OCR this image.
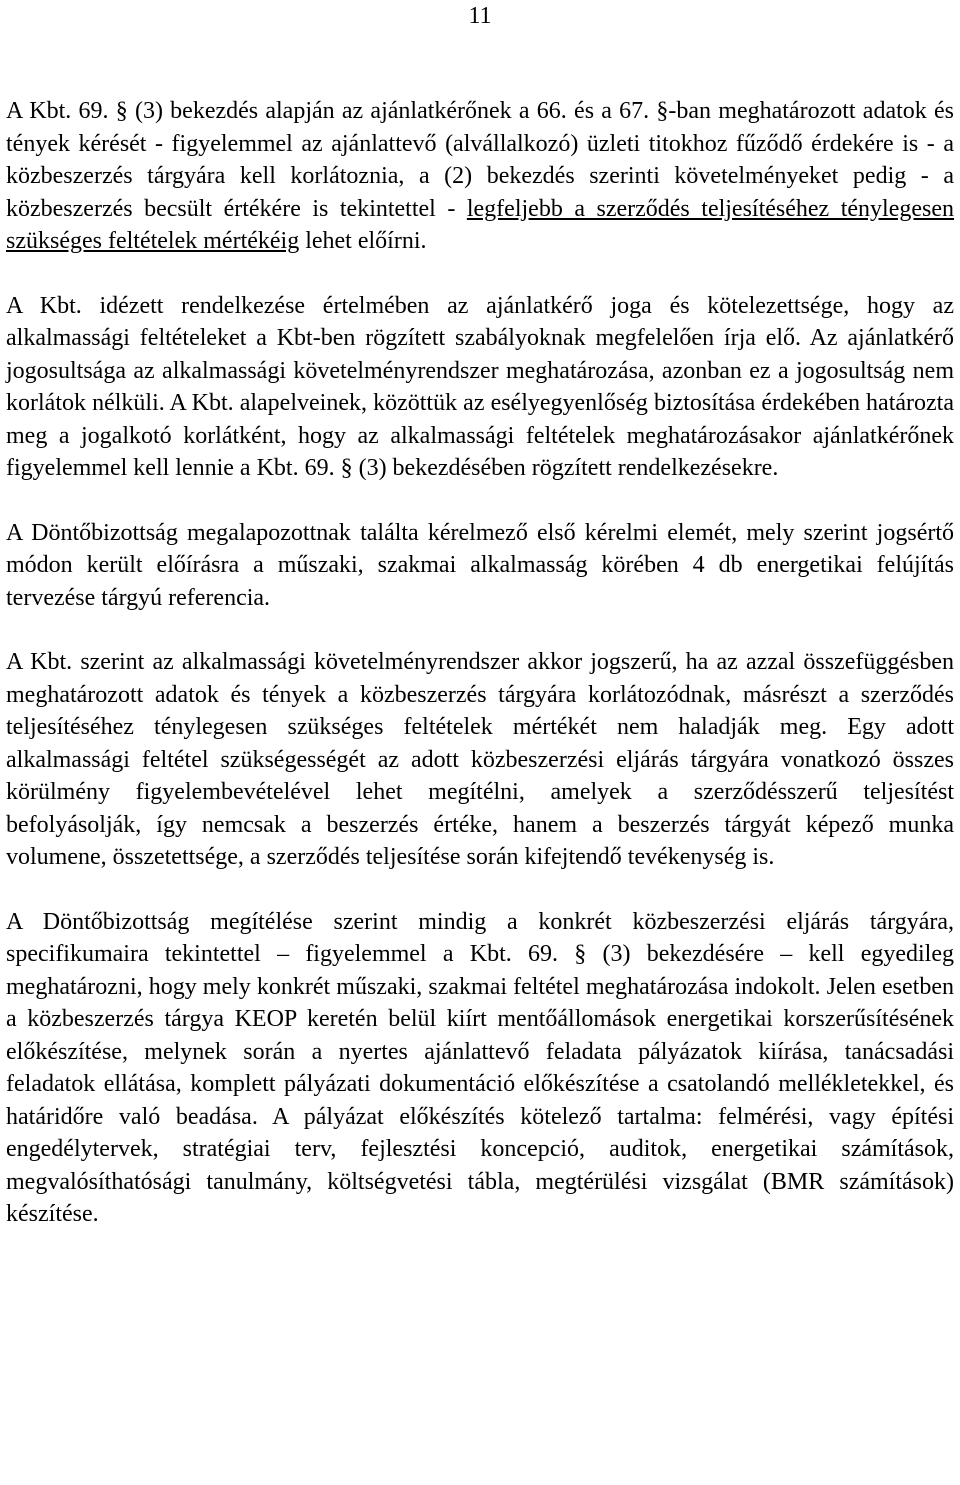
11

A Kbt. 69. § (3) bekezdés alapján az ajánlatkérőnek a 66. és a 67. §-ban meghatározott adatok és tények kérését - figyelemmel az ajánlattevő (alvállalkozó) üzleti titokhoz fűződő érdekére is - a közbeszerzés tárgyára kell korlátoznia, a (2) bekezdés szerinti követelményeket pedig - a közbeszerzés becsült értékére is tekintettel - legfeljebb a szerződés teljesítéséhez ténylegesen szükséges feltételek mértékéig lehet előírni.

A Kbt. idézett rendelkezése értelmében az ajánlatkérő joga és kötelezettsége, hogy az alkalmassági feltételeket a Kbt-ben rögzített szabályoknak megfelelően írja elő. Az ajánlatkérő jogosultsága az alkalmassági követelményrendszer meghatározása, azonban ez a jogosultság nem korlátok nélküli. A Kbt. alapelveinek, közöttük az esélyegyenlőség biztosítása érdekében határozta meg a jogalkotó korlátként, hogy az alkalmassági feltételek meghatározásakor ajánlatkérőnek figyelemmel kell lennie a Kbt. 69. § (3) bekezdésében rögzített rendelkezésekre.

A Döntőbizottság megalapozottnak találta kérelmező első kérelmi elemét, mely szerint jogsértő módon került előírásra a műszaki, szakmai alkalmasság körében 4 db energetikai felújítás tervezése tárgyú referencia.

A Kbt. szerint az alkalmassági követelményrendszer akkor jogszerű, ha az azzal összefüggésben meghatározott adatok és tények a közbeszerzés tárgyára korlátozódnak, másrészt a szerződés teljesítéséhez ténylegesen szükséges feltételek mértékét nem haladják meg. Egy adott alkalmassági feltétel szükségességét az adott közbeszerzési eljárás tárgyára vonatkozó összes körülmény figyelembevételével lehet megítélni, amelyek a szerződésszerű teljesítést befolyásolják, így nemcsak a beszerzés értéke, hanem a beszerzés tárgyát képező munka volumene, összetettsége, a szerződés teljesítése során kifejtendő tevékenység is.

A Döntőbizottság megítélése szerint mindig a konkrét közbeszerzési eljárás tárgyára, specifikumaira tekintettel – figyelemmel a Kbt. 69. § (3) bekezdésére – kell egyedileg meghatározni, hogy mely konkrét műszaki, szakmai feltétel meghatározása indokolt. Jelen esetben a közbeszerzés tárgya KEOP keretén belül kiírt mentőállomások energetikai korszerűsítésének előkészítése, melynek során a nyertes ajánlattevő feladata pályázatok kiírása, tanácsadási feladatok ellátása, komplett pályázati dokumentáció előkészítése a csatolandó mellékletekkel, és határidőre való beadása. A pályázat előkészítés kötelező tartalma: felmérési, vagy építési engedélytervek, stratégiai terv, fejlesztési koncepció, auditok, energetikai számítások, megvalósíthatósági tanulmány, költségvetési tábla, megtérülési vizsgálat (BMR számítások) készítése.
